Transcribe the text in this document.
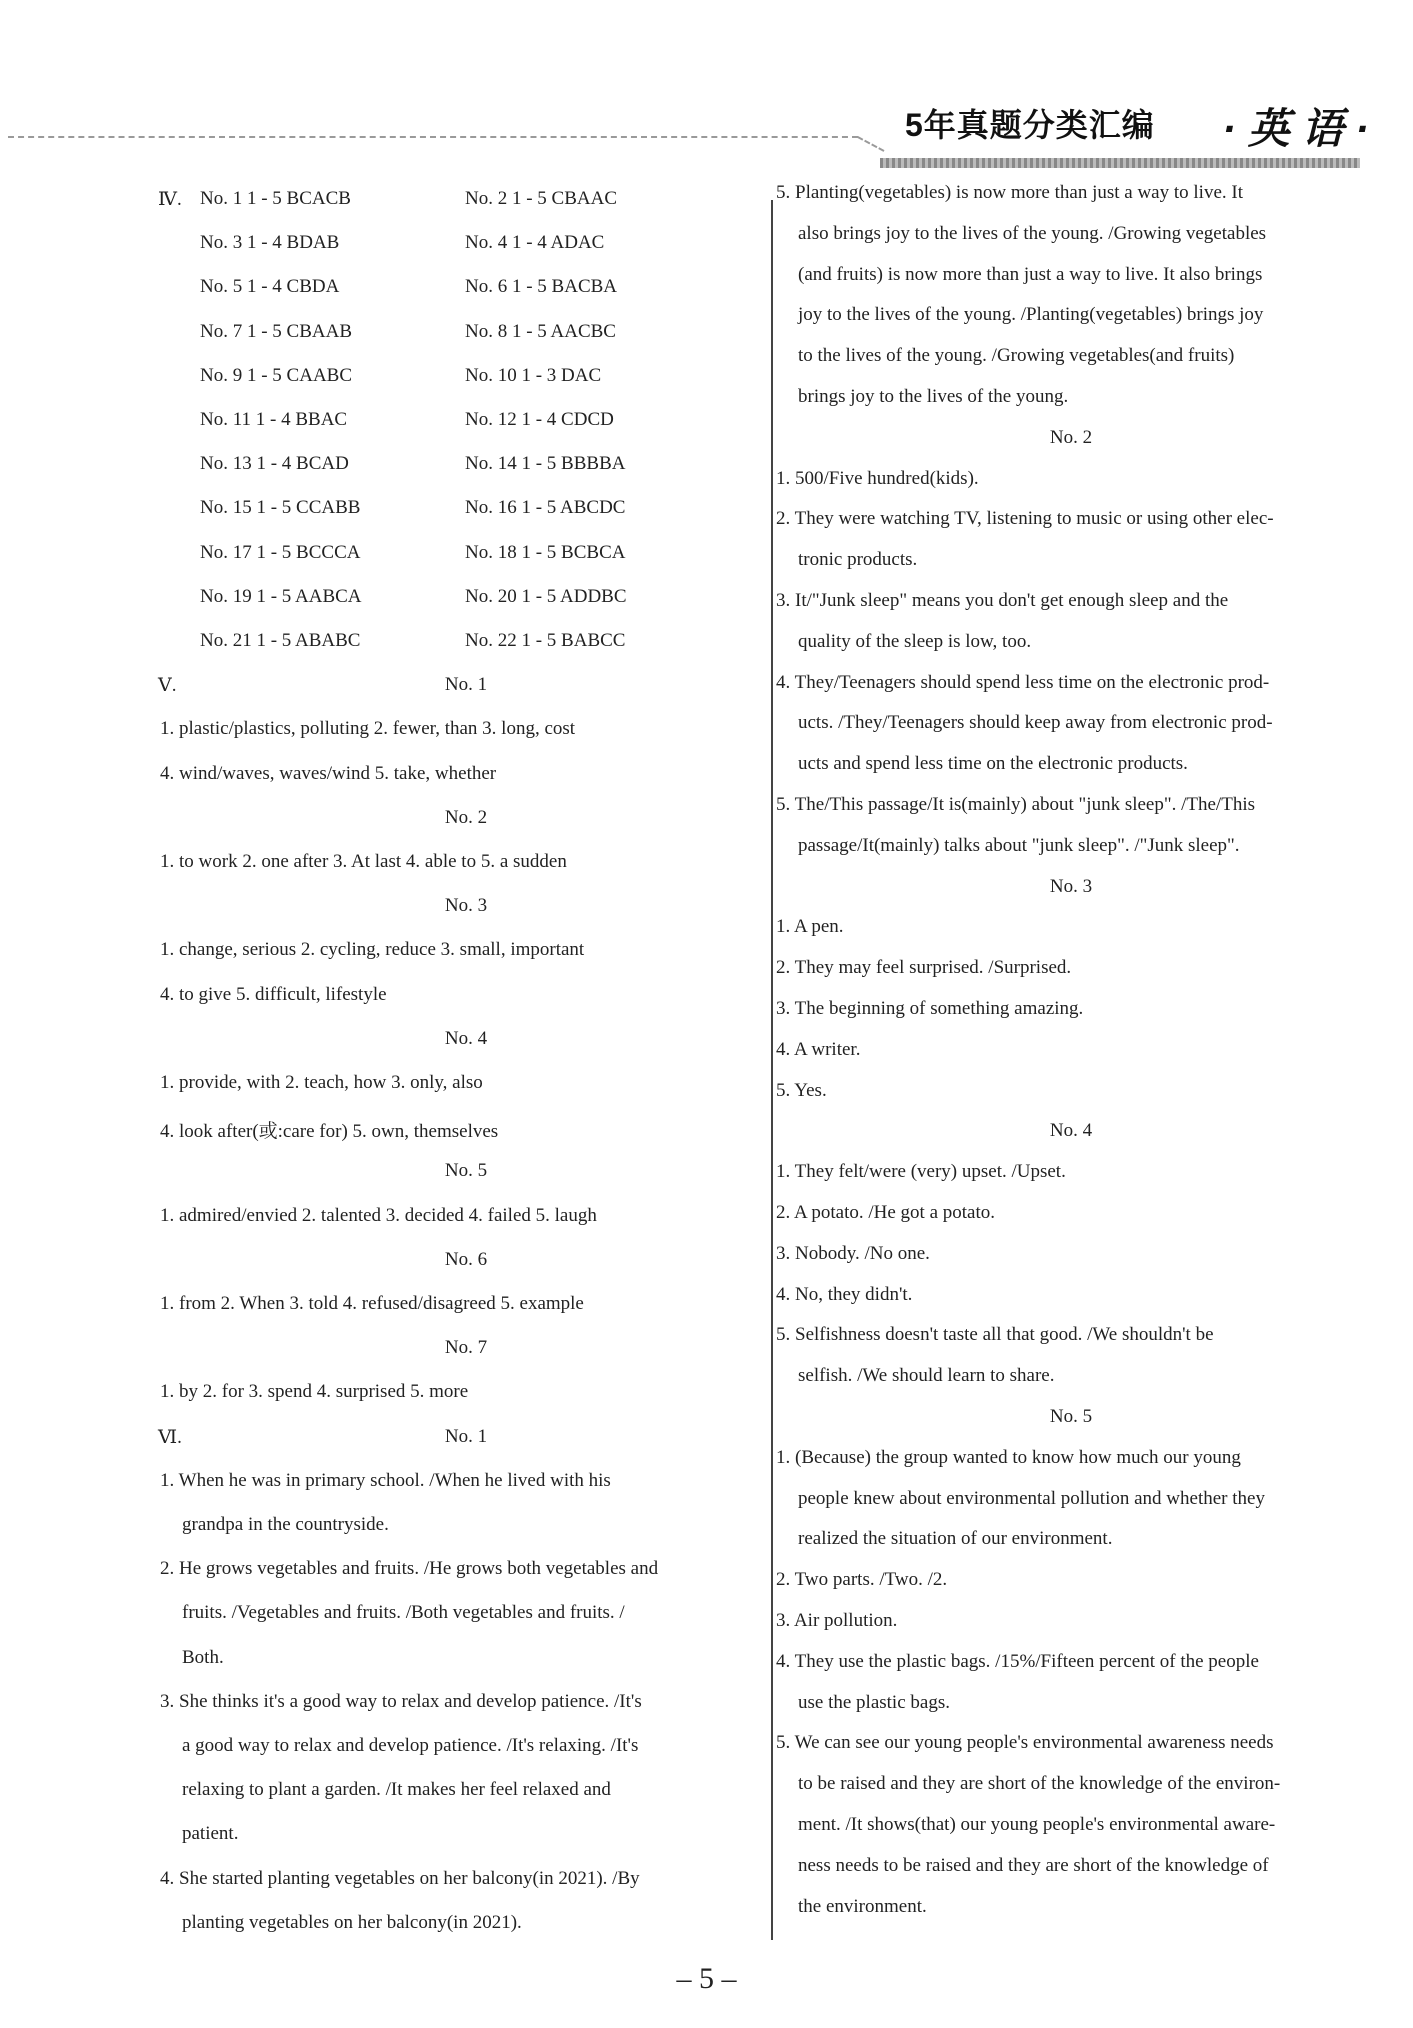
5年真题分类汇编 · 英 语 ·
Ⅳ. No. 1 1 - 5 BCACB	No. 2 1 - 5 CBAAC
No. 3 1 - 4 BDAB	No. 4 1 - 4 ADAC
No. 5 1 - 4 CBDA	No. 6 1 - 5 BACBA
No. 7 1 - 5 CBAAB	No. 8 1 - 5 AACBC
No. 9 1 - 5 CAABC	No. 10 1 - 3 DAC
No. 11 1 - 4 BBAC	No. 12 1 - 4 CDCD
No. 13 1 - 4 BCAD	No. 14 1 - 5 BBBBA
No. 15 1 - 5 CCABB	No. 16 1 - 5 ABCDC
No. 17 1 - 5 BCCCA	No. 18 1 - 5 BCBCA
No. 19 1 - 5 AABCA	No. 20 1 - 5 ADDBC
No. 21 1 - 5 ABABC	No. 22 1 - 5 BABCC
Ⅴ.	No. 1
1. plastic/plastics, polluting 2. fewer, than 3. long, cost
4. wind/waves, waves/wind 5. take, whether
No. 2
1. to work 2. one after 3. At last 4. able to 5. a sudden
No. 3
1. change, serious 2. cycling, reduce 3. small, important
4. to give 5. difficult, lifestyle
No. 4
1. provide, with 2. teach, how 3. only, also
4. look after(或:care for) 5. own, themselves
No. 5
1. admired/envied 2. talented 3. decided 4. failed 5. laugh
No. 6
1. from 2. When 3. told 4. refused/disagreed 5. example
No. 7
1. by 2. for 3. spend 4. surprised 5. more
Ⅵ.	No. 1
1. When he was in primary school. /When he lived with his
grandpa in the countryside.
2. He grows vegetables and fruits. /He grows both vegetables and
fruits. /Vegetables and fruits. /Both vegetables and fruits. /
Both.
3. She thinks it's a good way to relax and develop patience. /It's
a good way to relax and develop patience. /It's relaxing. /It's
relaxing to plant a garden. /It makes her feel relaxed and
patient.
4. She started planting vegetables on her balcony(in 2021). /By
planting vegetables on her balcony(in 2021).
5. Planting(vegetables) is now more than just a way to live. It
also brings joy to the lives of the young. /Growing vegetables
(and fruits) is now more than just a way to live. It also brings
joy to the lives of the young. /Planting(vegetables) brings joy
to the lives of the young. /Growing vegetables(and fruits)
brings joy to the lives of the young.
No. 2
1. 500/Five hundred(kids).
2. They were watching TV, listening to music or using other elec-
tronic products.
3. It/"Junk sleep" means you don't get enough sleep and the
quality of the sleep is low, too.
4. They/Teenagers should spend less time on the electronic prod-
ucts. /They/Teenagers should keep away from electronic prod-
ucts and spend less time on the electronic products.
5. The/This passage/It is(mainly) about "junk sleep". /The/This
passage/It(mainly) talks about "junk sleep". /"Junk sleep".
No. 3
1. A pen.
2. They may feel surprised. /Surprised.
3. The beginning of something amazing.
4. A writer.
5. Yes.
No. 4
1. They felt/were (very) upset. /Upset.
2. A potato. /He got a potato.
3. Nobody. /No one.
4. No, they didn't.
5. Selfishness doesn't taste all that good. /We shouldn't be
selfish. /We should learn to share.
No. 5
1. (Because) the group wanted to know how much our young
people knew about environmental pollution and whether they
realized the situation of our environment.
2. Two parts. /Two. /2.
3. Air pollution.
4. They use the plastic bags. /15%/Fifteen percent of the people
use the plastic bags.
5. We can see our young people's environmental awareness needs
to be raised and they are short of the knowledge of the environ-
ment. /It shows(that) our young people's environmental aware-
ness needs to be raised and they are short of the knowledge of
the environment.
– 5 –
